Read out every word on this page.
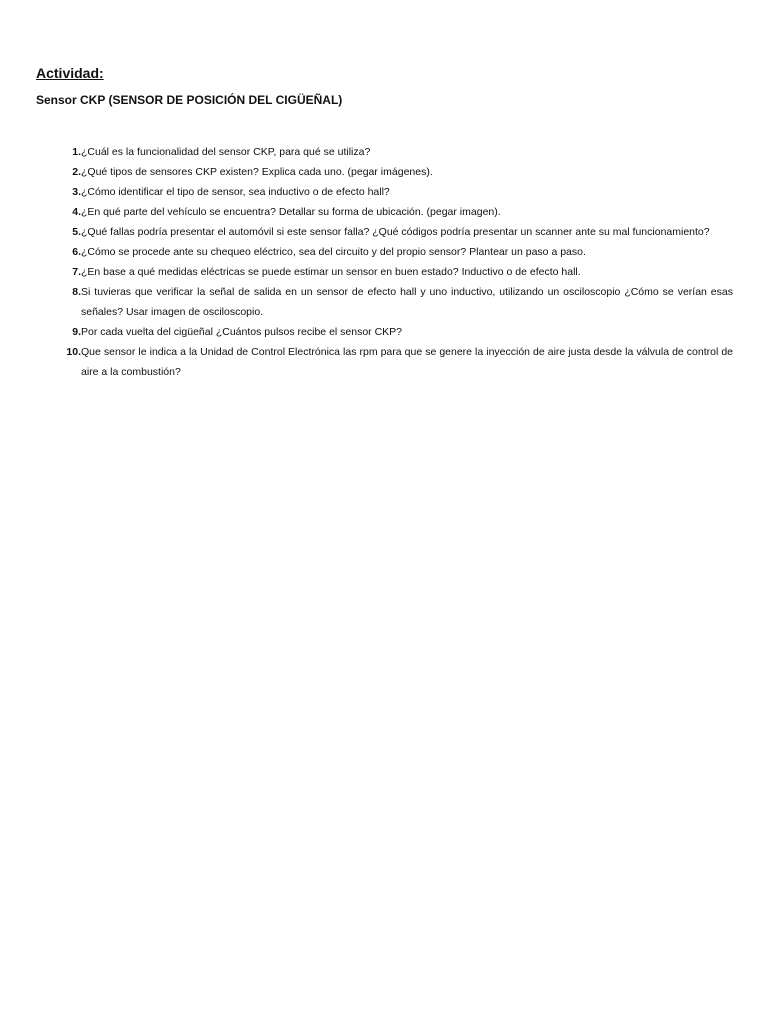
Actividad:
Sensor CKP (SENSOR DE POSICIÓN DEL CIGÜEÑAL)
1. ¿Cuál es la funcionalidad del sensor CKP, para qué se utiliza?
2. ¿Qué tipos de sensores CKP existen? Explica cada uno. (pegar imágenes).
3. ¿Cómo identificar el tipo de sensor, sea inductivo o de efecto hall?
4. ¿En qué parte del vehículo se encuentra? Detallar su forma de ubicación. (pegar imagen).
5. ¿Qué fallas podría presentar el automóvil si este sensor falla? ¿Qué códigos podría presentar un scanner ante su mal funcionamiento?
6. ¿Cómo se procede ante su chequeo eléctrico, sea del circuito y del propio sensor? Plantear un paso a paso.
7. ¿En base a qué medidas eléctricas se puede estimar un sensor en buen estado? Inductivo o de efecto hall.
8. Si tuvieras que verificar la señal de salida en un sensor de efecto hall y uno inductivo, utilizando un osciloscopio ¿Cómo se verían esas señales? Usar imagen de osciloscopio.
9. Por cada vuelta del cigüeñal ¿Cuántos pulsos recibe el sensor CKP?
10. Que sensor le indica a la Unidad de Control Electrónica las rpm para que se genere la inyección de aire justa desde la válvula de control de aire a la combustión?
